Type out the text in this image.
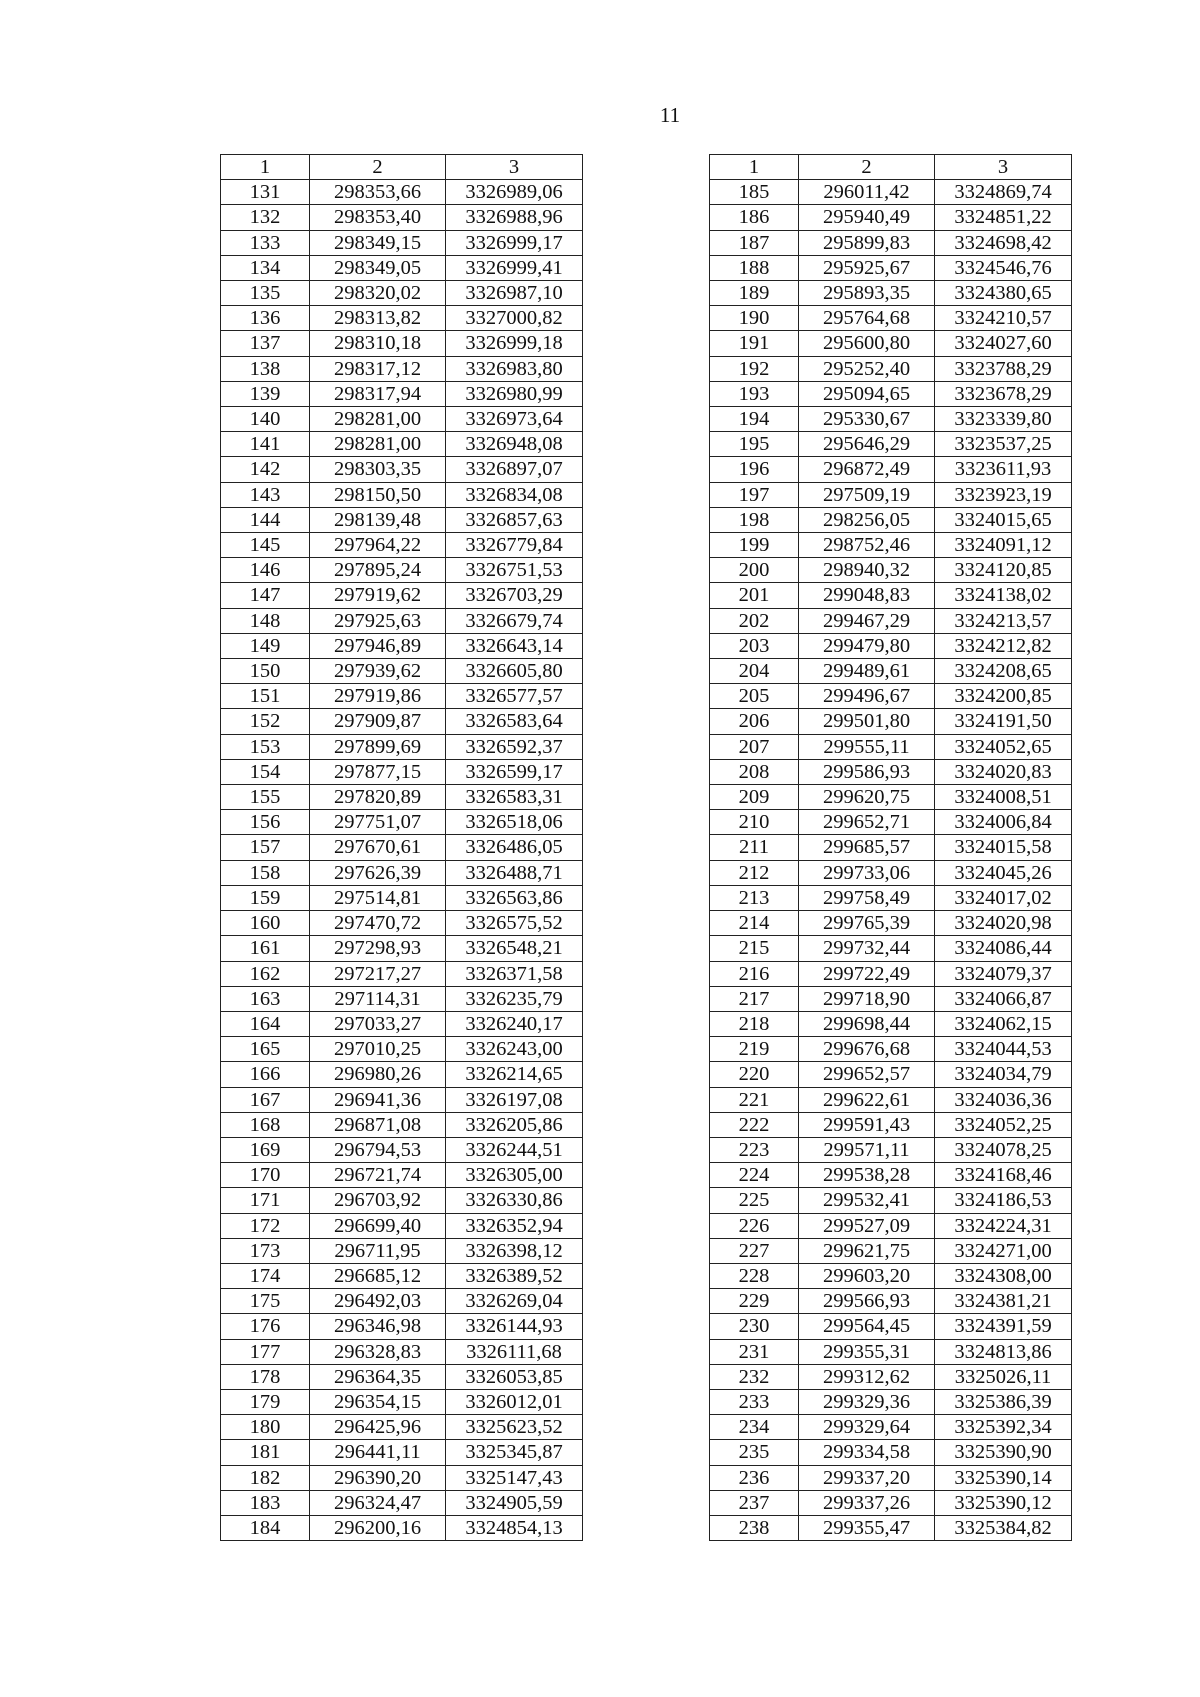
11
1	2	3
131	298353,66	3326989,06
132	298353,40	3326988,96
133	298349,15	3326999,17
134	298349,05	3326999,41
135	298320,02	3326987,10
136	298313,82	3327000,82
137	298310,18	3326999,18
138	298317,12	3326983,80
139	298317,94	3326980,99
140	298281,00	3326973,64
141	298281,00	3326948,08
142	298303,35	3326897,07
143	298150,50	3326834,08
144	298139,48	3326857,63
145	297964,22	3326779,84
146	297895,24	3326751,53
147	297919,62	3326703,29
148	297925,63	3326679,74
149	297946,89	3326643,14
150	297939,62	3326605,80
151	297919,86	3326577,57
152	297909,87	3326583,64
153	297899,69	3326592,37
154	297877,15	3326599,17
155	297820,89	3326583,31
156	297751,07	3326518,06
157	297670,61	3326486,05
158	297626,39	3326488,71
159	297514,81	3326563,86
160	297470,72	3326575,52
161	297298,93	3326548,21
162	297217,27	3326371,58
163	297114,31	3326235,79
164	297033,27	3326240,17
165	297010,25	3326243,00
166	296980,26	3326214,65
167	296941,36	3326197,08
168	296871,08	3326205,86
169	296794,53	3326244,51
170	296721,74	3326305,00
171	296703,92	3326330,86
172	296699,40	3326352,94
173	296711,95	3326398,12
174	296685,12	3326389,52
175	296492,03	3326269,04
176	296346,98	3326144,93
177	296328,83	3326111,68
178	296364,35	3326053,85
179	296354,15	3326012,01
180	296425,96	3325623,52
181	296441,11	3325345,87
182	296390,20	3325147,43
183	296324,47	3324905,59
184	296200,16	3324854,13
1	2	3
185	296011,42	3324869,74
186	295940,49	3324851,22
187	295899,83	3324698,42
188	295925,67	3324546,76
189	295893,35	3324380,65
190	295764,68	3324210,57
191	295600,80	3324027,60
192	295252,40	3323788,29
193	295094,65	3323678,29
194	295330,67	3323339,80
195	295646,29	3323537,25
196	296872,49	3323611,93
197	297509,19	3323923,19
198	298256,05	3324015,65
199	298752,46	3324091,12
200	298940,32	3324120,85
201	299048,83	3324138,02
202	299467,29	3324213,57
203	299479,80	3324212,82
204	299489,61	3324208,65
205	299496,67	3324200,85
206	299501,80	3324191,50
207	299555,11	3324052,65
208	299586,93	3324020,83
209	299620,75	3324008,51
210	299652,71	3324006,84
211	299685,57	3324015,58
212	299733,06	3324045,26
213	299758,49	3324017,02
214	299765,39	3324020,98
215	299732,44	3324086,44
216	299722,49	3324079,37
217	299718,90	3324066,87
218	299698,44	3324062,15
219	299676,68	3324044,53
220	299652,57	3324034,79
221	299622,61	3324036,36
222	299591,43	3324052,25
223	299571,11	3324078,25
224	299538,28	3324168,46
225	299532,41	3324186,53
226	299527,09	3324224,31
227	299621,75	3324271,00
228	299603,20	3324308,00
229	299566,93	3324381,21
230	299564,45	3324391,59
231	299355,31	3324813,86
232	299312,62	3325026,11
233	299329,36	3325386,39
234	299329,64	3325392,34
235	299334,58	3325390,90
236	299337,20	3325390,14
237	299337,26	3325390,12
238	299355,47	3325384,82
